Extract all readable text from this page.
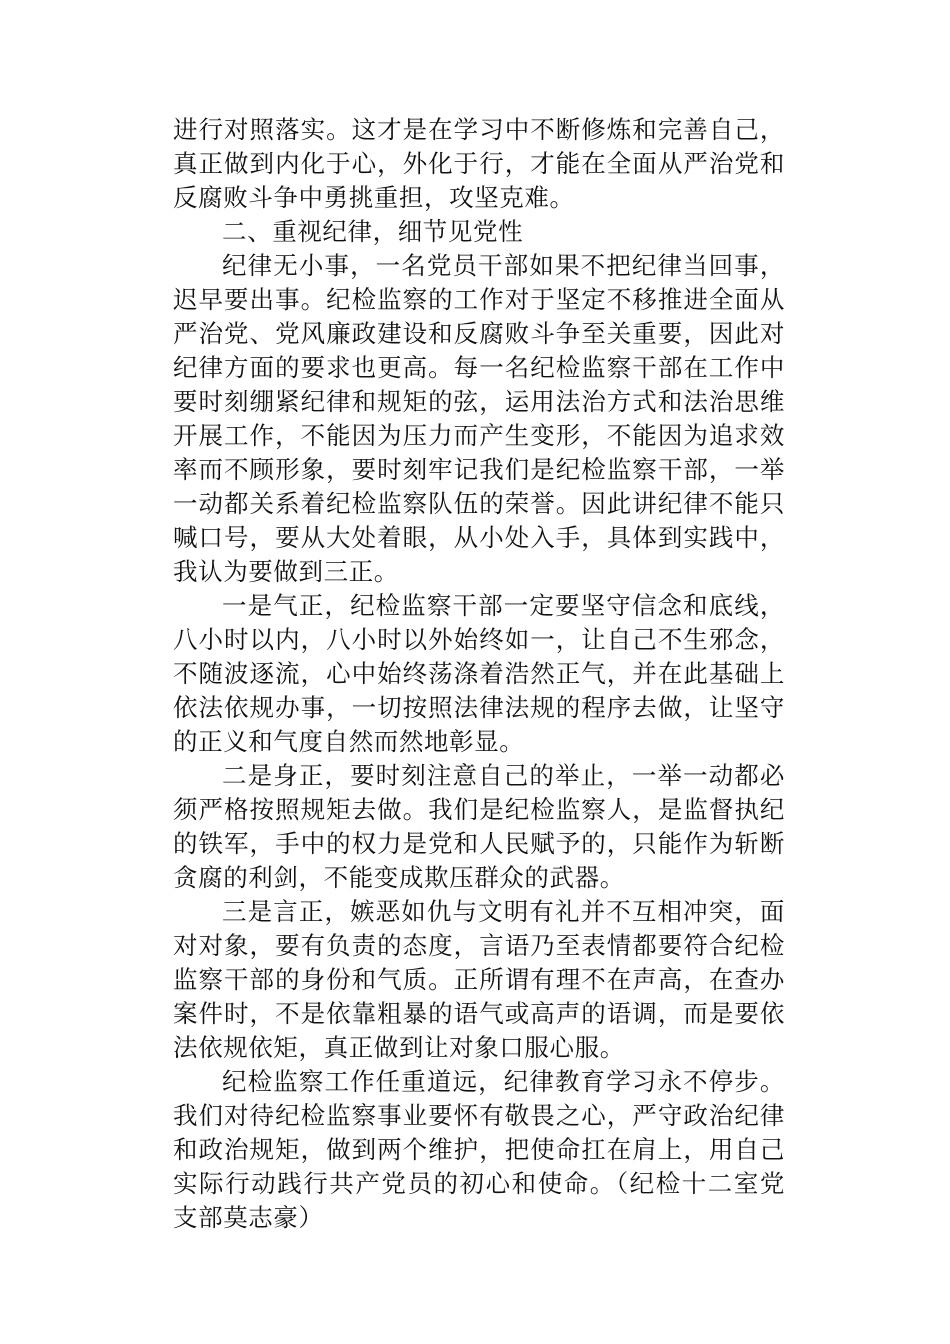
进行对照落实。这才是在学习中不断修炼和完善自己，真正做到内化于心，外化于行，才能在全面从严治党和反腐败斗争中勇挑重担，攻坚克难。

二、重视纪律，细节见党性

纪律无小事，一名党员干部如果不把纪律当回事，迟早要出事。纪检监察的工作对于坚定不移推进全面从严治党、党风廉政建设和反腐败斗争至关重要，因此对纪律方面的要求也更高。每一名纪检监察干部在工作中要时刻绷紧纪律和规矩的弦，运用法治方式和法治思维开展工作，不能因为压力而产生变形，不能因为追求效率而不顾形象，要时刻牢记我们是纪检监察干部，一举一动都关系着纪检监察队伍的荣誉。因此讲纪律不能只喊口号，要从大处着眼，从小处入手，具体到实践中，我认为要做到三正。

一是气正，纪检监察干部一定要坚守信念和底线，八小时以内，八小时以外始终如一，让自己不生邪念，不随波逐流，心中始终荡涤着浩然正气，并在此基础上依法依规办事，一切按照法律法规的程序去做，让坚守的正义和气度自然而然地彰显。

二是身正，要时刻注意自己的举止，一举一动都必须严格按照规矩去做。我们是纪检监察人，是监督执纪的铁军，手中的权力是党和人民赋予的，只能作为斩断贪腐的利剑，不能变成欺压群众的武器。

三是言正，嫉恶如仇与文明有礼并不互相冲突，面对对象，要有负责的态度，言语乃至表情都要符合纪检监察干部的身份和气质。正所谓有理不在声高，在查办案件时，不是依靠粗暴的语气或高声的语调，而是要依法依规依矩，真正做到让对象口服心服。

纪检监察工作任重道远，纪律教育学习永不停步。我们对待纪检监察事业要怀有敬畏之心，严守政治纪律和政治规矩，做到两个维护，把使命扛在肩上，用自己实际行动践行共产党员的初心和使命。（纪检十二室党支部莫志豪）
